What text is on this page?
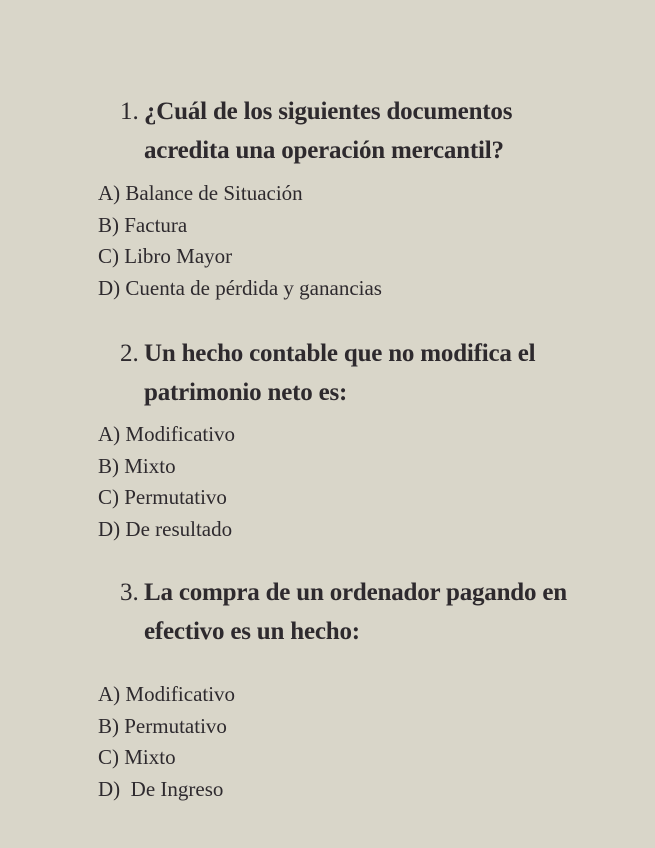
1. ¿Cuál de los siguientes documentos acredita una operación mercantil?
A) Balance de Situación
B) Factura
C) Libro Mayor
D) Cuenta de pérdida y ganancias
2. Un hecho contable que no modifica el patrimonio neto es:
A) Modificativo
B) Mixto
C) Permutativo
D) De resultado
3. La compra de un ordenador pagando en efectivo es un hecho:
A) Modificativo
B) Permutativo
C) Mixto
D)  De Ingreso
